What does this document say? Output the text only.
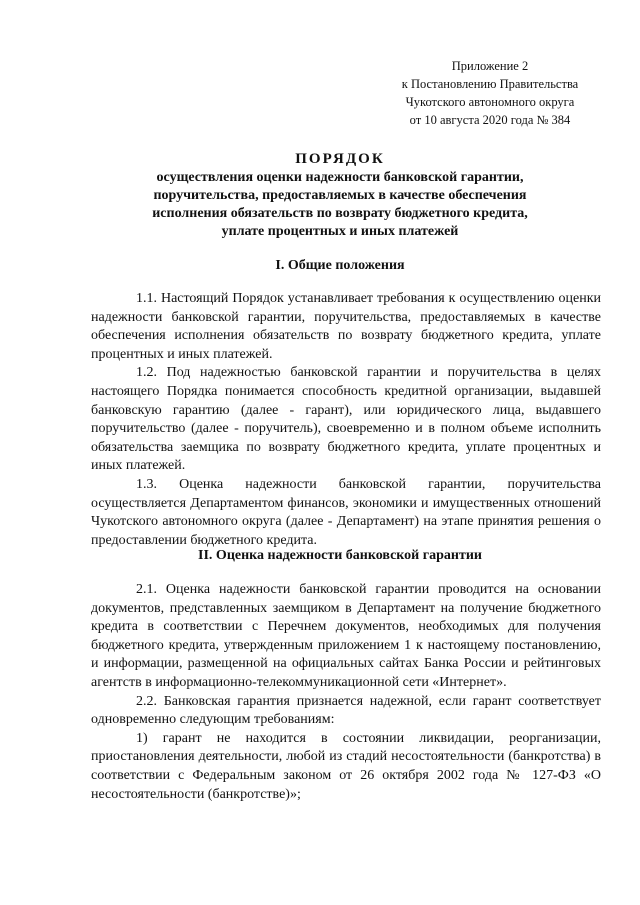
Приложение 2
к Постановлению Правительства
Чукотского автономного округа
от 10 августа 2020 года № 384
ПОРЯДОК
осуществления оценки надежности банковской гарантии,
поручительства, предоставляемых в качестве обеспечения
исполнения обязательств по возврату бюджетного кредита,
уплате процентных и иных платежей
I. Общие положения

1.1. Настоящий Порядок устанавливает требования к осуществлению оценки надежности банковской гарантии, поручительства, предоставляемых в качестве обеспечения исполнения обязательств по возврату бюджетного кредита, уплате процентных и иных платежей.

1.2. Под надежностью банковской гарантии и поручительства в целях настоящего Порядка понимается способность кредитной организации, выдавшей банковскую гарантию (далее - гарант), или юридического лица, выдавшего поручительство (далее - поручитель), своевременно и в полном объеме исполнить обязательства заемщика по возврату бюджетного кредита, уплате процентных и иных платежей.

1.3. Оценка надежности банковской гарантии, поручительства осуществляется Департаментом финансов, экономики и имущественных отношений Чукотского автономного округа (далее - Департамент) на этапе принятия решения о предоставлении бюджетного кредита.

II. Оценка надежности банковской гарантии

2.1. Оценка надежности банковской гарантии проводится на основании документов, представленных заемщиком в Департамент на получение бюджетного кредита в соответствии с Перечнем документов, необходимых для получения бюджетного кредита, утвержденным приложением 1 к настоящему постановлению, и информации, размещенной на официальных сайтах Банка России и рейтинговых агентств в информационно-телекоммуникационной сети «Интернет».

2.2. Банковская гарантия признается надежной, если гарант соответствует одновременно следующим требованиям:

1) гарант не находится в состоянии ликвидации, реорганизации, приостановления деятельности, любой из стадий несостоятельности (банкротства) в соответствии с Федеральным законом от 26 октября 2002 года № 127-ФЗ «О несостоятельности (банкротстве)»;
